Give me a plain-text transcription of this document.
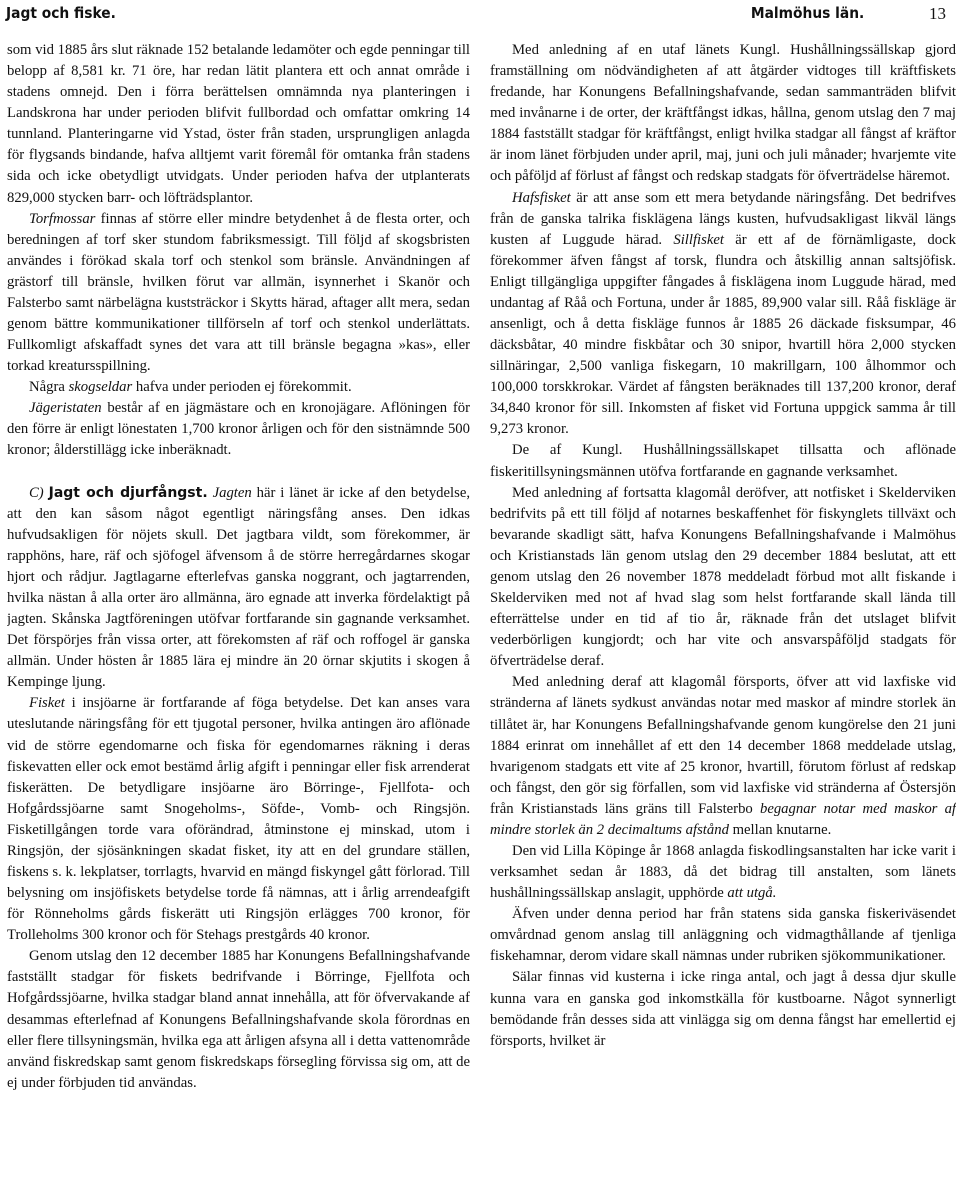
Jagt och fiske.	Malmöhus län.	13

som vid 1885 års slut räknade 152 betalande ledamöter och egde penningar till belopp af 8,581 kr. 71 öre, har redan lätit plantera ett och annat område i stadens omnejd. Den i förra berättelsen omnämnda nya planteringen i Landskrona har under perioden blifvit fullbordad och omfattar omkring 14 tunnland. Planteringarne vid Ystad, öster från staden, ursprungligen anlagda för flygsands bindande, hafva alltjemt varit föremål för omtanka från stadens sida och icke obetydligt utvidgats. Under perioden hafva der utplanterats 829,000 stycken barr- och löfträdsplantor.

Torfmossar finnas af större eller mindre betydenhet å de flesta orter, och beredningen af torf sker stundom fabriksmessigt. Till följd af skogsbristen användes i förökad skala torf och stenkol som bränsle. Användningen af grästorf till bränsle, hvilken förut var allmän, isynnerhet i Skanör och Falsterbo samt närbelägna kuststräckor i Skytts härad, aftager allt mera, sedan genom bättre kommunikationer tillförseln af torf och stenkol underlättats. Fullkomligt afskaffadt synes det vara att till bränsle begagna »kas», eller torkad kreatursspillning.

Några skogseldar hafva under perioden ej förekommit.

Jägeristaten består af en jägmästare och en kronojägare. Aflöningen för den förre är enligt lönestaten 1,700 kronor årligen och för den sistnämnde 500 kronor; ålderstillägg icke inberäknadt.

C) Jagt och djurfångst. Jagten här i länet är icke af den betydelse, att den kan såsom något egentligt näringsfång anses. Den idkas hufvudsakligen för nöjets skull. Det jagtbara vildt, som förekommer, är rapphöns, hare, räf och sjöfogel äfvensom å de större herregårdarnes skogar hjort och rådjur. Jagtlagarne efterlefvas ganska noggrant, och jagtarrenden, hvilka nästan å alla orter äro allmänna, äro egnade att inverka fördelaktigt på jagten. Skånska Jagtföreningen utöfvar fortfarande sin gagnande verksamhet. Det förspörjes från vissa orter, att förekomsten af räf och roffogel är ganska allmän. Under hösten år 1885 lära ej mindre än 20 örnar skjutits i skogen å Kempinge ljung.

Fisket i insjöarne är fortfarande af föga betydelse. Det kan anses vara uteslutande näringsfång för ett tjugotal personer, hvilka antingen äro aflönade vid de större egendomarne och fiska för egendomarnes räkning i deras fiskevatten eller ock emot bestämd årlig afgift i penningar eller fisk arrenderat fiskerätten. De betydligare insjöarne äro Börringe-, Fjellfota- och Hofgårdssjöarne samt Snogeholms-, Söfde-, Vomb- och Ringsjön. Fisketillgången torde vara oförändrad, åtminstone ej minskad, utom i Ringsjön, der sjösänkningen skadat fisket, ity att en del grundare ställen, fiskens s. k. lekplatser, torrlagts, hvarvid en mängd fiskyngel gått förlorad. Till belysning om insjöfiskets betydelse torde få nämnas, att i årlig arrendeafgift för Rönneholms gårds fiskerätt uti Ringsjön erlägges 700 kronor, för Trolleholms 300 kronor och för Stehags prestgårds 40 kronor.

Genom utslag den 12 december 1885 har Konungens Befallningshafvande fastställt stadgar för fiskets bedrifvande i Börringe, Fjellfota och Hofgårdssjöarne, hvilka stadgar bland annat innehålla, att för öfvervakande af desammas efterlefnad af Konungens Befallningshafvande skola förordnas en eller flere tillsyningsmän, hvilka ega att årligen afsyna all i detta vattenområde använd fiskredskap samt genom fiskredskaps försegling förvissa sig om, att de ej under förbjuden tid användas.

Med anledning af en utaf länets Kungl. Hushållningssällskap gjord framställning om nödvändigheten af att åtgärder vidtoges till kräftfiskets fredande, har Konungens Befallningshafvande, sedan sammanträden blifvit med invånarne i de orter, der kräftfångst idkas, hållna, genom utslag den 7 maj 1884 fastställt stadgar för kräftfångst, enligt hvilka stadgar all fångst af kräftor är inom länet förbjuden under april, maj, juni och juli månader; hvarjemte vite och påföljd af förlust af fångst och redskap stadgats för öfverträdelse häremot.

Hafsfisket är att anse som ett mera betydande näringsfång. Det bedrifves från de ganska talrika fisklägena längs kusten, hufvudsakligast likväl längs kusten af Luggude härad. Sillfisket är ett af de förnämligaste, dock förekommer äfven fångst af torsk, flundra och åtskillig annan saltsjöfisk. Enligt tillgängliga uppgifter fångades å fisklägena inom Luggude härad, med undantag af Råå och Fortuna, under år 1885, 89,900 valar sill. Råå fiskläge är ansenligt, och å detta fiskläge funnos år 1885 26 däckade fisksumpar, 46 däcksbåtar, 40 mindre fiskbåtar och 30 snipor, hvartill höra 2,000 stycken sillnäringar, 2,500 vanliga fiskegarn, 10 makrillgarn, 100 ålhommor och 100,000 torskkrokar. Värdet af fångsten beräknades till 137,200 kronor, deraf 34,840 kronor för sill. Inkomsten af fisket vid Fortuna uppgick samma år till 9,273 kronor.

De af Kungl. Hushållningssällskapet tillsatta och aflönade fiskeritillsyningsmännen utöfva fortfarande en gagnande verksamhet.

Med anledning af fortsatta klagomål deröfver, att notfisket i Skelderviken bedrifvits på ett till följd af notarnes beskaffenhet för fiskynglets tillväxt och bevarande skadligt sätt, hafva Konungens Befallningshafvande i Malmöhus och Kristianstads län genom utslag den 29 december 1884 beslutat, att ett genom utslag den 26 november 1878 meddeladt förbud mot allt fiskande i Skelderviken med not af hvad slag som helst fortfarande skall lända till efterrättelse under en tid af tio år, räknade från det utslaget blifvit vederbörligen kungjordt; och har vite och ansvarspåföljd stadgats för öfverträdelse deraf.

Med anledning deraf att klagomål försports, öfver att vid laxfiske vid stränderna af länets sydkust användas notar med maskor af mindre storlek än tillåtet är, har Konungens Befallningshafvande genom kungörelse den 21 juni 1884 erinrat om innehållet af ett den 14 december 1868 meddelade utslag, hvarigenom stadgats ett vite af 25 kronor, hvartill, förutom förlust af redskap och fångst, den gör sig förfallen, som vid laxfiske vid stränderna af Östersjön från Kristianstads läns gräns till Falsterbo begagnar notar med maskor af mindre storlek än 2 decimaltums afstånd mellan knutarne.

Den vid Lilla Köpinge år 1868 anlagda fiskodlingsanstalten har icke varit i verksamhet sedan år 1883, då det bidrag till anstalten, som länets hushållningssällskap anslagit, upphörde att utgå.

Äfven under denna period har från statens sida ganska fiskeriväsendet omvårdnad genom anslag till anläggning och vidmagthållande af tjenliga fiskehamnar, derom vidare skall nämnas under rubriken sjökommunikationer.

Sälar finnas vid kusterna i icke ringa antal, och jagt å dessa djur skulle kunna vara en ganska god inkomstkälla för kustboarne. Något synnerligt bemödande från desses sida att vinlägga sig om denna fångst har emellertid ej försports, hvilket är
